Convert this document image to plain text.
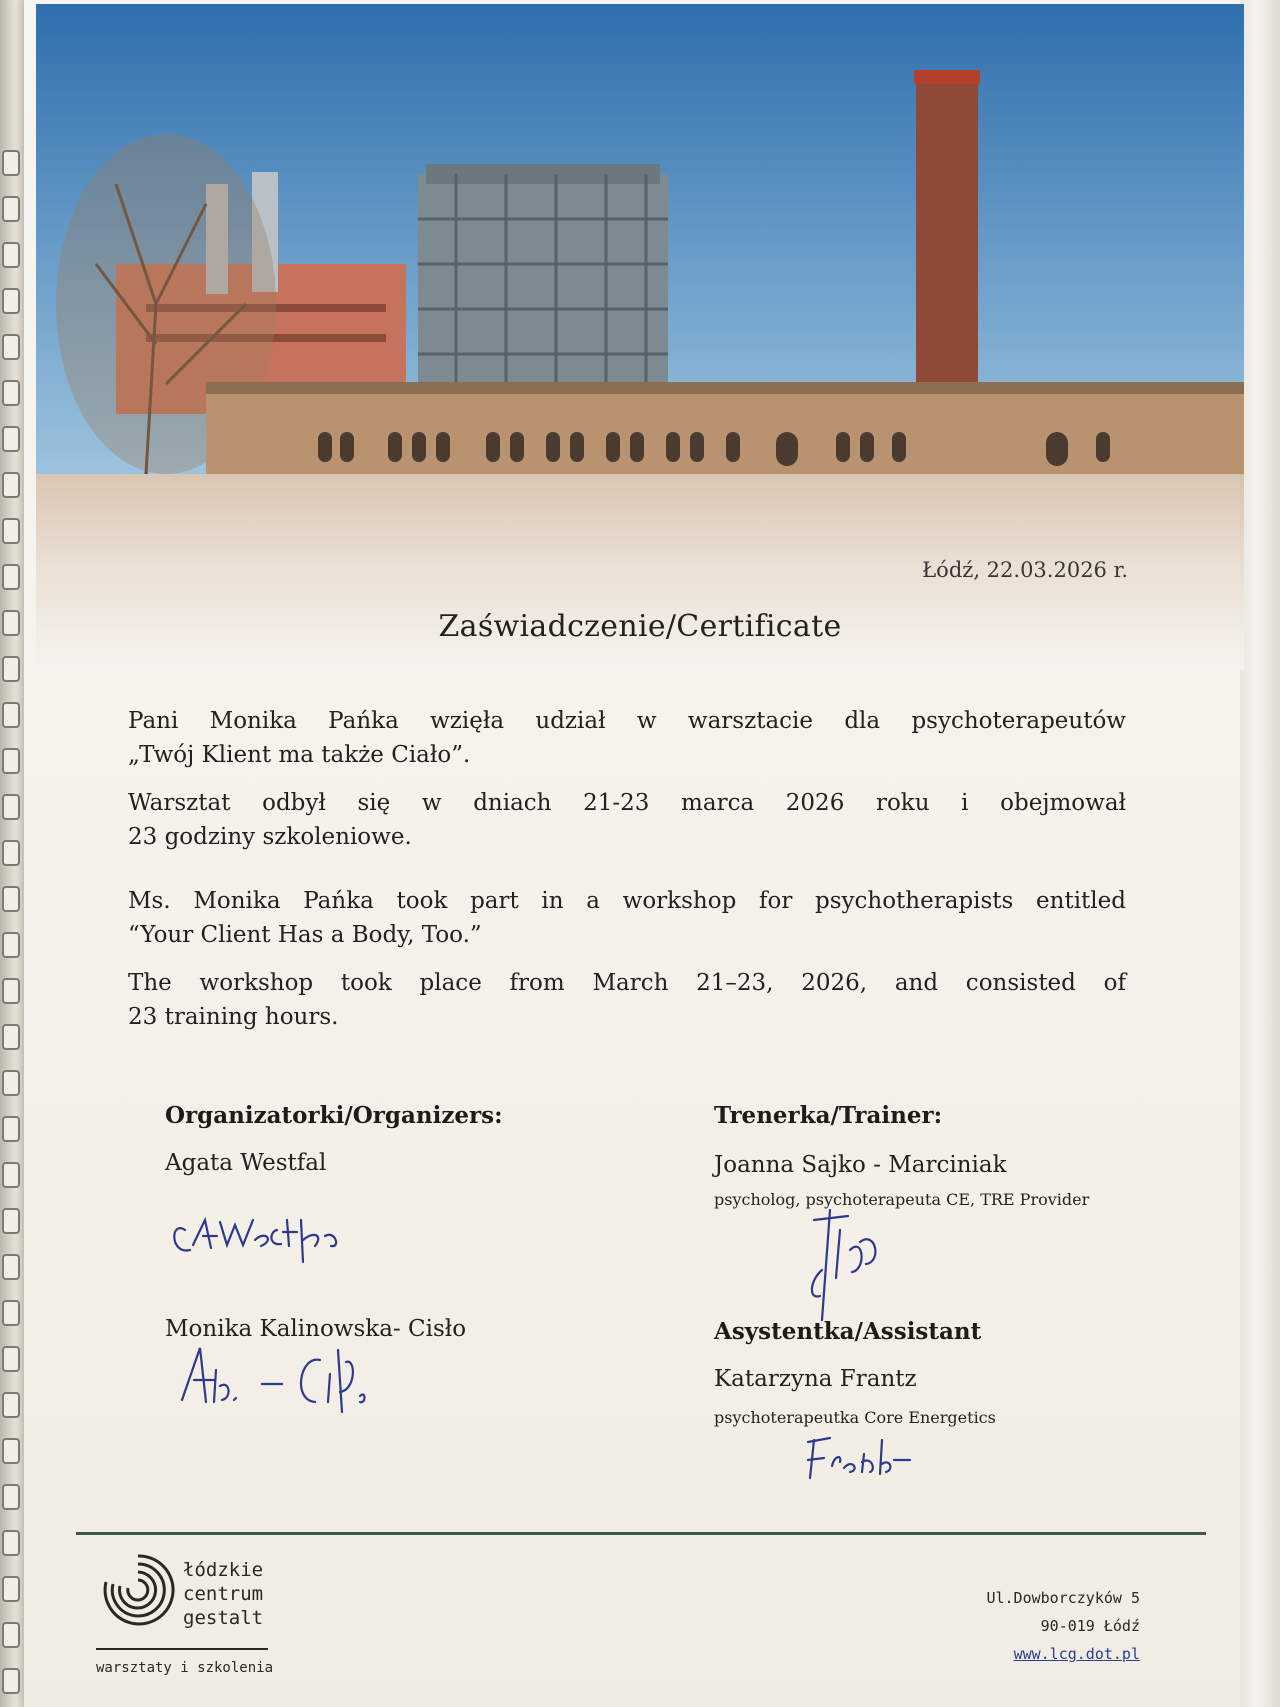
Łódź, 22.03.2026 r.
Zaświadczenie/Certificate
Pani Monika Pańka wzięła udział w warsztacie dla psychoterapeutów
„Twój Klient ma także Ciało”.
Warsztat odbył się w dniach 21-23 marca 2026 roku i obejmował
23 godziny szkoleniowe.
Ms. Monika Pańka took part in a workshop for psychotherapists entitled
“Your Client Has a Body, Too.”
The workshop took place from March 21–23, 2026, and consisted of
23 training hours.
Organizatorki/Organizers:
Agata Westfal
Monika Kalinowska- Cisło
Trenerka/Trainer:
Joanna Sajko - Marciniak
psycholog, psychoterapeuta CE, TRE Provider
Asystentka/Assistant
Katarzyna Frantz
psychoterapeutka Core Energetics
łódzkie
centrum
gestalt
warsztaty i szkolenia
Ul.Dowborczyków 5
90-019 Łódź
www.lcg.dot.pl
